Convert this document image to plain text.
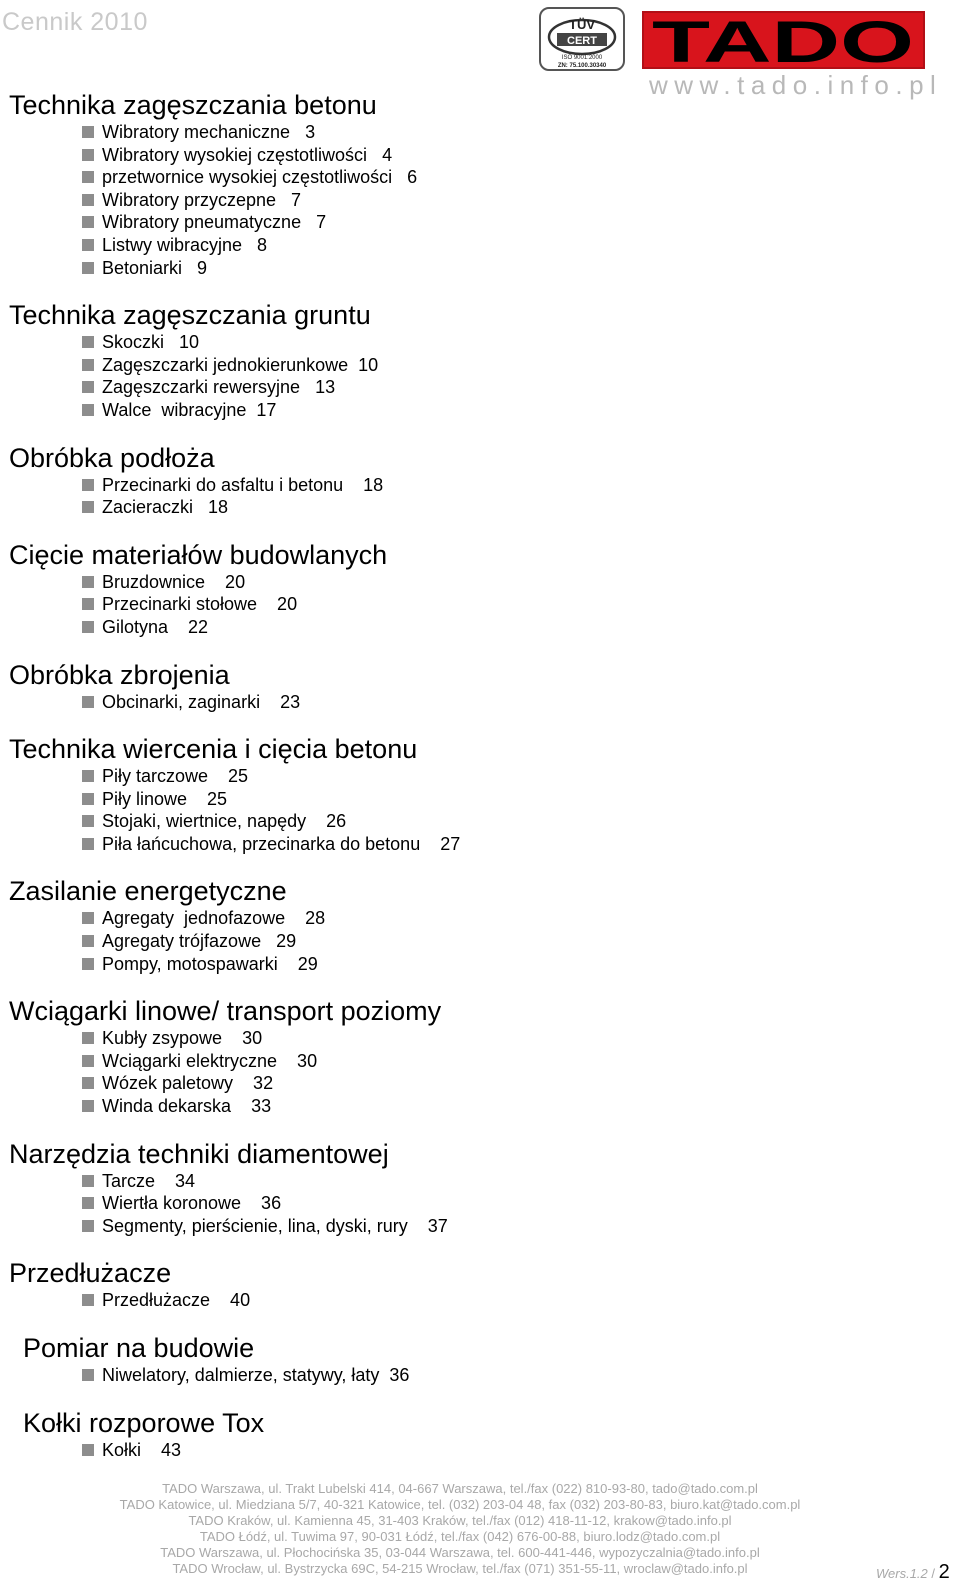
Cennik 2010	TÜV
CERT
ISO 9001:2000
ZN: 75.100.30340 TADO
www.tado.info.pl
Technika zagęszczania betonu
Wibratory mechaniczne   3
Wibratory wysokiej częstotliwości   4
przetwornice wysokiej częstotliwości   6
Wibratory przyczepne   7
Wibratory pneumatyczne   7
Listwy wibracyjne   8
Betoniarki   9
Technika zagęszczania gruntu
Skoczki   10
Zagęszczarki jednokierunkowe  10
Zagęszczarki rewersyjne   13
Walce  wibracyjne  17
Obróbka podłoża
Przecinarki do asfaltu i betonu    18
Zacieraczki   18
Cięcie materiałów budowlanych
Bruzdownice    20
Przecinarki stołowe    20
Gilotyna    22
Obróbka zbrojenia
Obcinarki, zaginarki    23
Technika wiercenia i cięcia betonu
Piły tarczowe    25
Piły linowe    25
Stojaki, wiertnice, napędy    26
Piła łańcuchowa, przecinarka do betonu    27
Zasilanie energetyczne
Agregaty  jednofazowe    28
Agregaty trójfazowe   29
Pompy, motospawarki    29
Wciągarki linowe/ transport poziomy
Kubły zsypowe    30
Wciągarki elektryczne    30
Wózek paletowy    32
Winda dekarska    33
Narzędzia techniki diamentowej
Tarcze    34
Wiertła koronowe    36
Segmenty, pierścienie, lina, dyski, rury    37
Przedłużacze
Przedłużacze    40
Pomiar na budowie
Niwelatory, dalmierze, statywy, łaty  36
Kołki rozporowe Tox
Kołki    43
TADO Warszawa, ul. Trakt Lubelski 414, 04-667 Warszawa, tel./fax (022) 810-93-80, tado@tado.com.pl
TADO Katowice, ul. Miedziana 5/7, 40-321 Katowice, tel. (032) 203-04 48, fax (032) 203-80-83, biuro.kat@tado.com.pl
TADO Kraków, ul. Kamienna 45, 31-403 Kraków, tel./fax (012) 418-11-12, krakow@tado.info.pl
TADO Łódź, ul. Tuwima 97, 90-031 Łódź, tel./fax (042) 676-00-88, biuro.lodz@tado.com.pl
TADO Warszawa, ul. Płochocińska 35, 03-044 Warszawa, tel. 600-441-446, wypozyczalnia@tado.info.pl
TADO Wrocław, ul. Bystrzycka 69C, 54-215 Wrocław, tel./fax (071) 351-55-11, wroclaw@tado.info.pl	Wers.1.2 / 2
